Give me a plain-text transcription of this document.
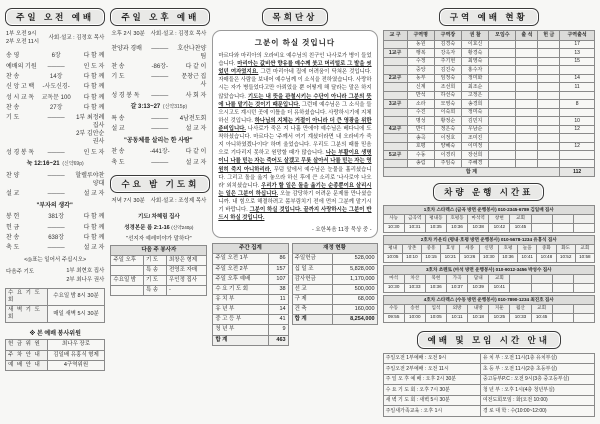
주일 오전 예배
1부 오전 9시
2부 오전 11시
사회·설교 : 김정호 목사
송 영	6장	다 함 께
예배의 기원	────	인 도 자
찬 송	14장	다 함 께
신 앙 고 백	-사도신경-	다 함 께
성 시 교 독	교독문 100	다 함 께
찬 송	27장	다 함 께
기 도	────	1부 최정례 집사
2부 김안순 권사
성 경 봉 독	────	인 도 자
눅 12:16~21 (신약69p)
찬 양	────	할렐루야찬양대
설 교	────	설 교 자
"부자의 생각"
봉 헌	381장	다 함 께
헌 금	────	다 함 께
찬 송	638장	다 함 께
축 도	────	설 교 자
<◎표는 일어서 주십시오>
다음주 기도	1부 최현호 집사
2부 최나우 권사
수 요 기 도 회	수요일 밤 8시 30분
새 벽 기 도 회	매일 새벽 5시 30분
※ 본 예배 봉사위원
헌 금 위 원	최나우 장로
주 차 안 내	김일배 유홍식 형제
예 배 안 내	4구역위원
주일 오후 예배
오후 2시 30분 사회·설교 : 김정호 목사
찬양과 경배	────	호산나찬양팀
찬 송	-86장-	다 같 이
기 도	────	문창근 집사
성 경 봉 독	────	사 회 자
갈 3:13~27 (신약315p)
특 송	────	4남전도회
설 교	────	설 교 자
"공동체를 살리는 한 사람"
찬 송	-441장-	다 같 이
축 도	────	설 교 자
수요 밤 기도회
저녁 7시 30분 사회·설교 : 조성제 목사
기도/ 차혜림 집사
성경본문 롬 2:1-16 (신약240p)
"선지자 예레미야가 말하다"
다음 주 봉사자		
주일 오후	기 도	최창은 형제
	특 송	전영조 자매
수요일 밤	기 도	우인정 집사
	특 송	-
목회단상
그분이 하실 것입니다
마르다와 마리아의 오라비요 예수님의 친구인 나사로가 병이 들었습니다. 마리아는 값비싼 향유를 예수께 붓고 머리털로 그 발을 씻었던 여자였지요. 그런 마리아네 집에 어려움이 닥쳐온 것입니다. 자매들은 사람을 보내어 예수님께 이 소식을 전하였습니다. 사랑하시는 자가 병들었다고만 아뢰었을 뿐 어떻게 해 달라는 말은 하지 않았습니다. 기도는 내 뜻을 관철시키는 수단이 아니라 그분의 뜻에 나를 맡기는 것이기 때문입니다. 그런데 예수님은 그 소식을 들으시고도 계시던 곳에 이틀을 더 유하셨습니다. 사랑하시기에 지체하신 것입니다. 하나님의 지체는 거절이 아니라 더 큰 영광을 위한 준비입니다. 나사로가 죽은 지 나흘 만에야 예수님은 베다니에 도착하셨습니다. 마르다는 '주께서 여기 계셨더라면 내 오라비가 죽지 아니하였겠나이다' 하며 울었습니다. 우리도 그분의 때를 믿음으로 기다리지 못하고 원망할 때가 많습니다. 나는 부활이요 생명이니 나를 믿는 자는 죽어도 살겠고 무릇 살아서 나를 믿는 자는 영원히 죽지 아니하리라. 무덤 앞에서 예수님은 눈물을 흘리셨습니다. 그리고 돌을 옮겨 놓으라 하신 후에 큰 소리로 '나사로야 나오라' 외치셨습니다. 우리가 할 일은 돌을 옮기는 순종뿐이요 살리시는 일은 그분이 하십니다. 오늘 감당하기 어려운 문제를 만나셨습니까. 내 힘으로 해결하려고 몸부림치기 전에 먼저 그분께 맡기시기 바랍니다. 그분이 하실 것입니다. 끝까지 사랑하시는 그분이 반드시 하실 것입니다.
- 요한복음 11장 묵상 중 -
주간 집계	
주일 오전 1부	86
주일 오전 2부	157
주일 오후 예배	107
수 요 기 도 회	38
유 치 부	11
유 년 부	14
중 고 등 부	41
청 년 부	9
합 계	463
재정 현황	
주일헌금	528,000
십 일 조	5,828,000
감사헌금	1,170,000
선 교	500,000
구 제	68,000
건 축	160,000
합 계	8,254,000
구역 예배 현황
교 구	구역명	구역장	권 찰	모임수	출 석	헌 금	구역출석
	동원	김경숙	이효신				17
1교구	행복	강옥자	황경숙				13
	수정	주기현	최영숙				15
	중앙	김진숙	홍수자				
2교구	동부	임정숙	정미화				14
	신계	조선희	최조순				11
	반석	하선숙	고정은				
3교구	소라	모영숙	송경희				8
	수진	이숙희	정미숙				
	명성	황정순	김민지				10
4교구	반디	정은숙	우남순				12
	송곡	이정호	조미진				
	호평	양혜숙	이미정				12
5교구	수동	이경리	장선희				
	송림	주임숙	주혜경				
합 계							112
차량 운행 시간표
1호차 스타렉스 (금곡 방면 운행봉사) 010-2345-6789 김일배 집사
사능	금곡역	평내동	호평동	마석역	창현	교회
10:30	10:31	10:35	10:36	10:38	10:42	10:45
2호차 카운티 (평내·호평 방면 운행봉사) 010-5678-1234 유홍식 집사
평내	상촌	중흥	효성	세종	신명	호평	늘을	중화	화도	교회
10:05	10:10	10:15	10:21	10:26	10:30	10:36	10:41	10:48	10:52	10:58
3호차 쏘렌토 (마석 방면 운행봉사) 010-9012-3456 박성수 집사
마석	차산	묵현	가곡	답내	교회
10:30	10:33	10:36	10:37	10:39	10:41
4호차 스타렉스 (수동 방면 운행봉사) 010-7890-1234 최진호 집사
수동	송천	입석	외방	내방	지둔	월산	교회
09:55	10:00	10:05	10:11	10:18	10:25	10:33	10:45
예배 및 모임 시간 안내
주일오전 1부예배 : 오전 9시	유 치 부 : 오전 11시(1층 유치부실)
주일오전 2부예배 : 오전 11시	초 등 부 : 오전 11시(2층 초등부실)
주 일 오 후 예 배 : 오후 2시 30분	중고등부P.C : 오전 9시(3층 중고등부실)
수 요 기 도 회 : 오후 7시 30분	청 년 부 : 오후 1시(4층 청년부실)
새 벽 기 도 회 : 새벽 5시 30분	여전도회모임 : 화(오전 10:00)
주일새가족교육 : 오후 1시	경 로 대 학 : 수(10:00~12:00)
